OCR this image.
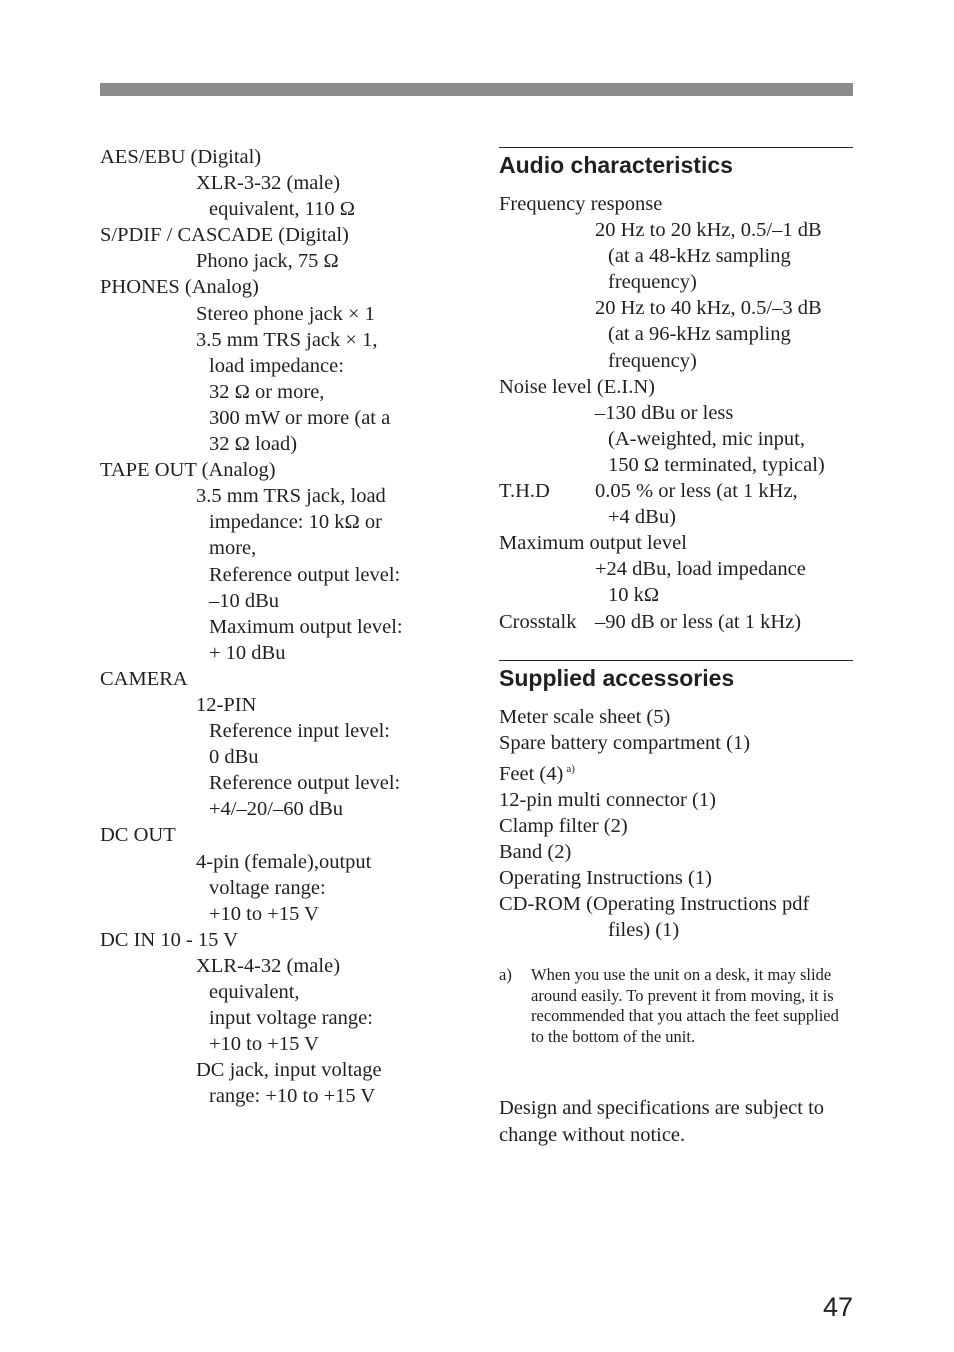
AES/EBU (Digital)
XLR-3-32 (male)
equivalent, 110 Ω
S/PDIF / CASCADE (Digital)
Phono jack, 75 Ω
PHONES (Analog)
Stereo phone jack × 1
3.5 mm TRS jack × 1,
load impedance:
32 Ω or more,
300 mW or more (at a
32 Ω load)
TAPE OUT (Analog)
3.5 mm TRS jack, load
impedance: 10 kΩ or
more,
Reference output level:
–10 dBu
Maximum output level:
+ 10 dBu
CAMERA
12-PIN
Reference input level:
0 dBu
Reference output level:
+4/–20/–60 dBu
DC OUT
4-pin (female),output
voltage range:
+10 to +15 V
DC IN 10 - 15 V
XLR-4-32 (male)
equivalent,
input voltage range:
+10 to +15 V
DC jack, input voltage
range: +10 to +15 V
Audio characteristics
Frequency response
20 Hz to 20 kHz, 0.5/–1 dB
(at a 48-kHz sampling
frequency)
20 Hz to 40 kHz, 0.5/–3 dB
(at a 96-kHz sampling
frequency)
Noise level (E.I.N)
–130 dBu or less
(A-weighted, mic input,
150 Ω terminated, typical)
T.H.D 0.05 % or less (at 1 kHz,
+4 dBu)
Maximum output level
+24 dBu, load impedance
10 kΩ
Crosstalk –90 dB or less (at 1 kHz)
Supplied accessories
Meter scale sheet (5)
Spare battery compartment (1)
Feet (4) $^{a)}$
12-pin multi connector (1)
Clamp filter (2)
Band (2)
Operating Instructions (1)
CD-ROM (Operating Instructions pdf
files) (1)
a)	When you use the unit on a desk, it may slide around easily. To prevent it from moving, it is recommended that you attach the feet supplied to the bottom of the unit.
Design and specifications are subject to change without notice.
47
